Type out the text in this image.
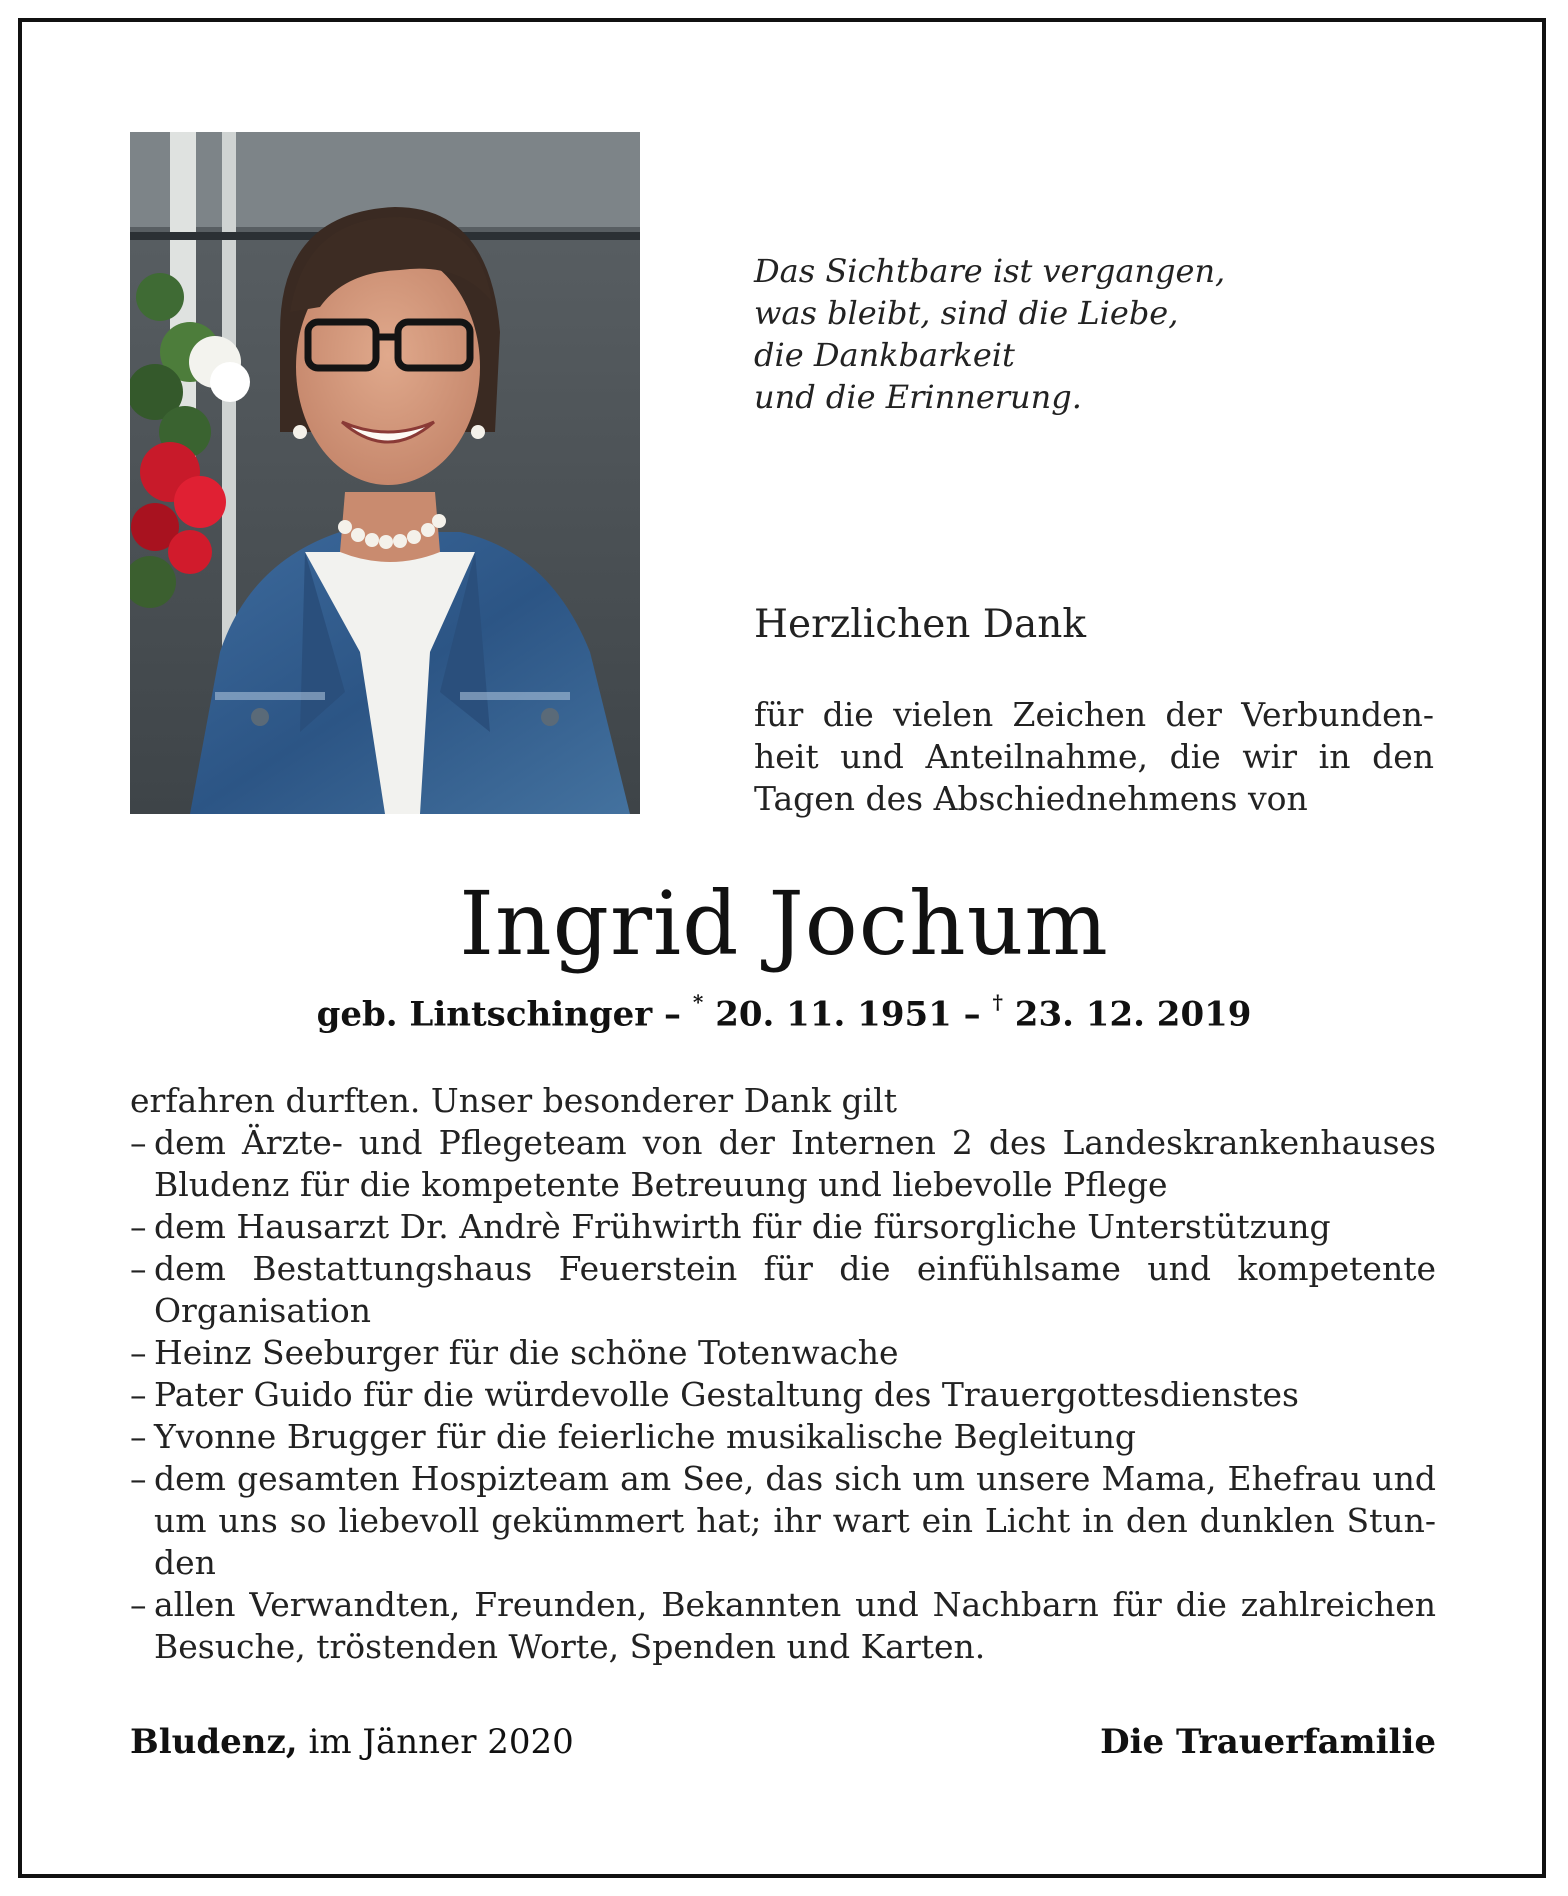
Das Sichtbare ist vergangen,
was bleibt, sind die Liebe,
die Dankbarkeit
und die Erinnerung.
Herzlichen Dank
für die vielen Zeichen der Verbunden-
heit und Anteilnahme, die wir in den
Tagen des Abschiednehmens von
Ingrid Jochum
geb. Lintschinger – * 20. 11. 1951 – † 23. 12. 2019
erfahren durften. Unser besonderer Dank gilt
– dem Ärzte- und Pflegeteam von der Internen 2 des Landeskrankenhauses
Bludenz für die kompetente Betreuung und liebevolle Pflege
– dem Hausarzt Dr. Andrè Frühwirth für die fürsorgliche Unterstützung
– dem Bestattungshaus Feuerstein für die einfühlsame und kompetente
Organisation
– Heinz Seeburger für die schöne Totenwache
– Pater Guido für die würdevolle Gestaltung des Trauergottesdienstes
– Yvonne Brugger für die feierliche musikalische Begleitung
– dem gesamten Hospizteam am See, das sich um unsere Mama, Ehefrau und
um uns so liebevoll gekümmert hat; ihr wart ein Licht in den dunklen Stun-
den
– allen Verwandten, Freunden, Bekannten und Nachbarn für die zahlreichen
Besuche, tröstenden Worte, Spenden und Karten.
Bludenz, im Jänner 2020	Die Trauerfamilie
